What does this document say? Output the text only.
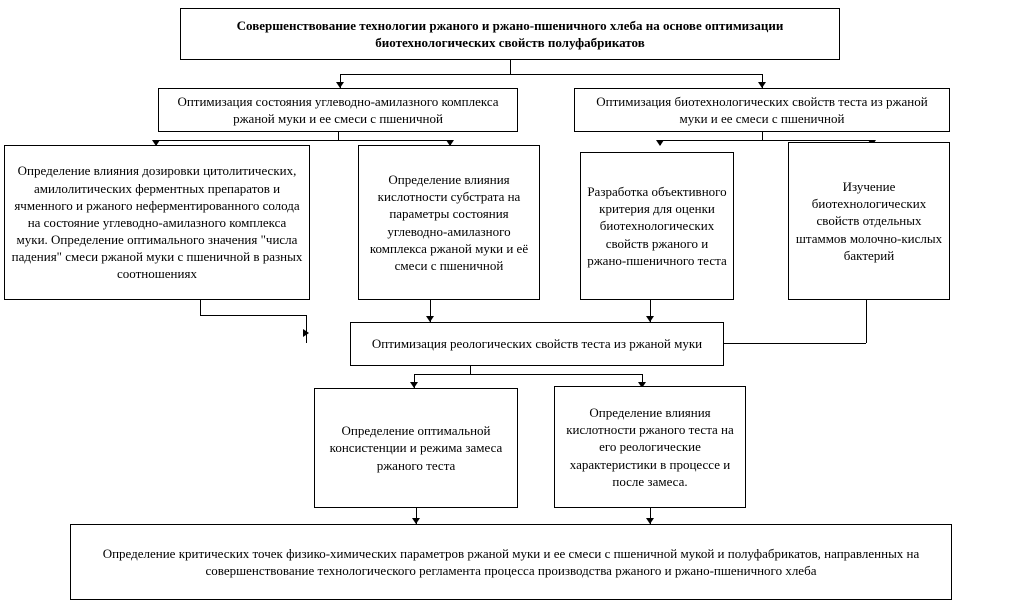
Совершенствование технологии ржаного и ржано-пшеничного хлеба на основе оптимизации биотехнологических свойств полуфабрикатов
Оптимизация состояния углеводно-амилазного комплекса ржаной муки и ее смеси с пшеничной
Оптимизация биотехнологических свойств теста из ржаной муки и ее смеси с пшеничной
Определение влияния дозировки цитолитических, амилолитических ферментных препаратов и ячменного и ржаного неферментированного солода на состояние углеводно-амилазного комплекса муки. Определение оптимального значения "числа падения" смеси ржаной муки с пшеничной в разных соотношениях
Определение влияния кислотности субстрата на параметры состояния углеводно-амилазного комплекса ржаной муки и её смеси с пшеничной
Разработка объективного критерия для оценки биотехнологических свойств ржаного и ржано-пшеничного теста
Изучение биотехнологических свойств отдельных штаммов молочно-кислых бактерий
Оптимизация реологических свойств теста из ржаной муки
Определение оптимальной консистенции и режима замеса ржаного теста
Определение влияния кислотности ржаного теста на его реологические характеристики в процессе и после замеса.
Определение критических точек физико-химических параметров ржаной муки и ее смеси с пшеничной мукой и полуфабрикатов, направленных на совершенствование технологического регламента процесса производства ржаного и ржано-пшеничного хлеба
